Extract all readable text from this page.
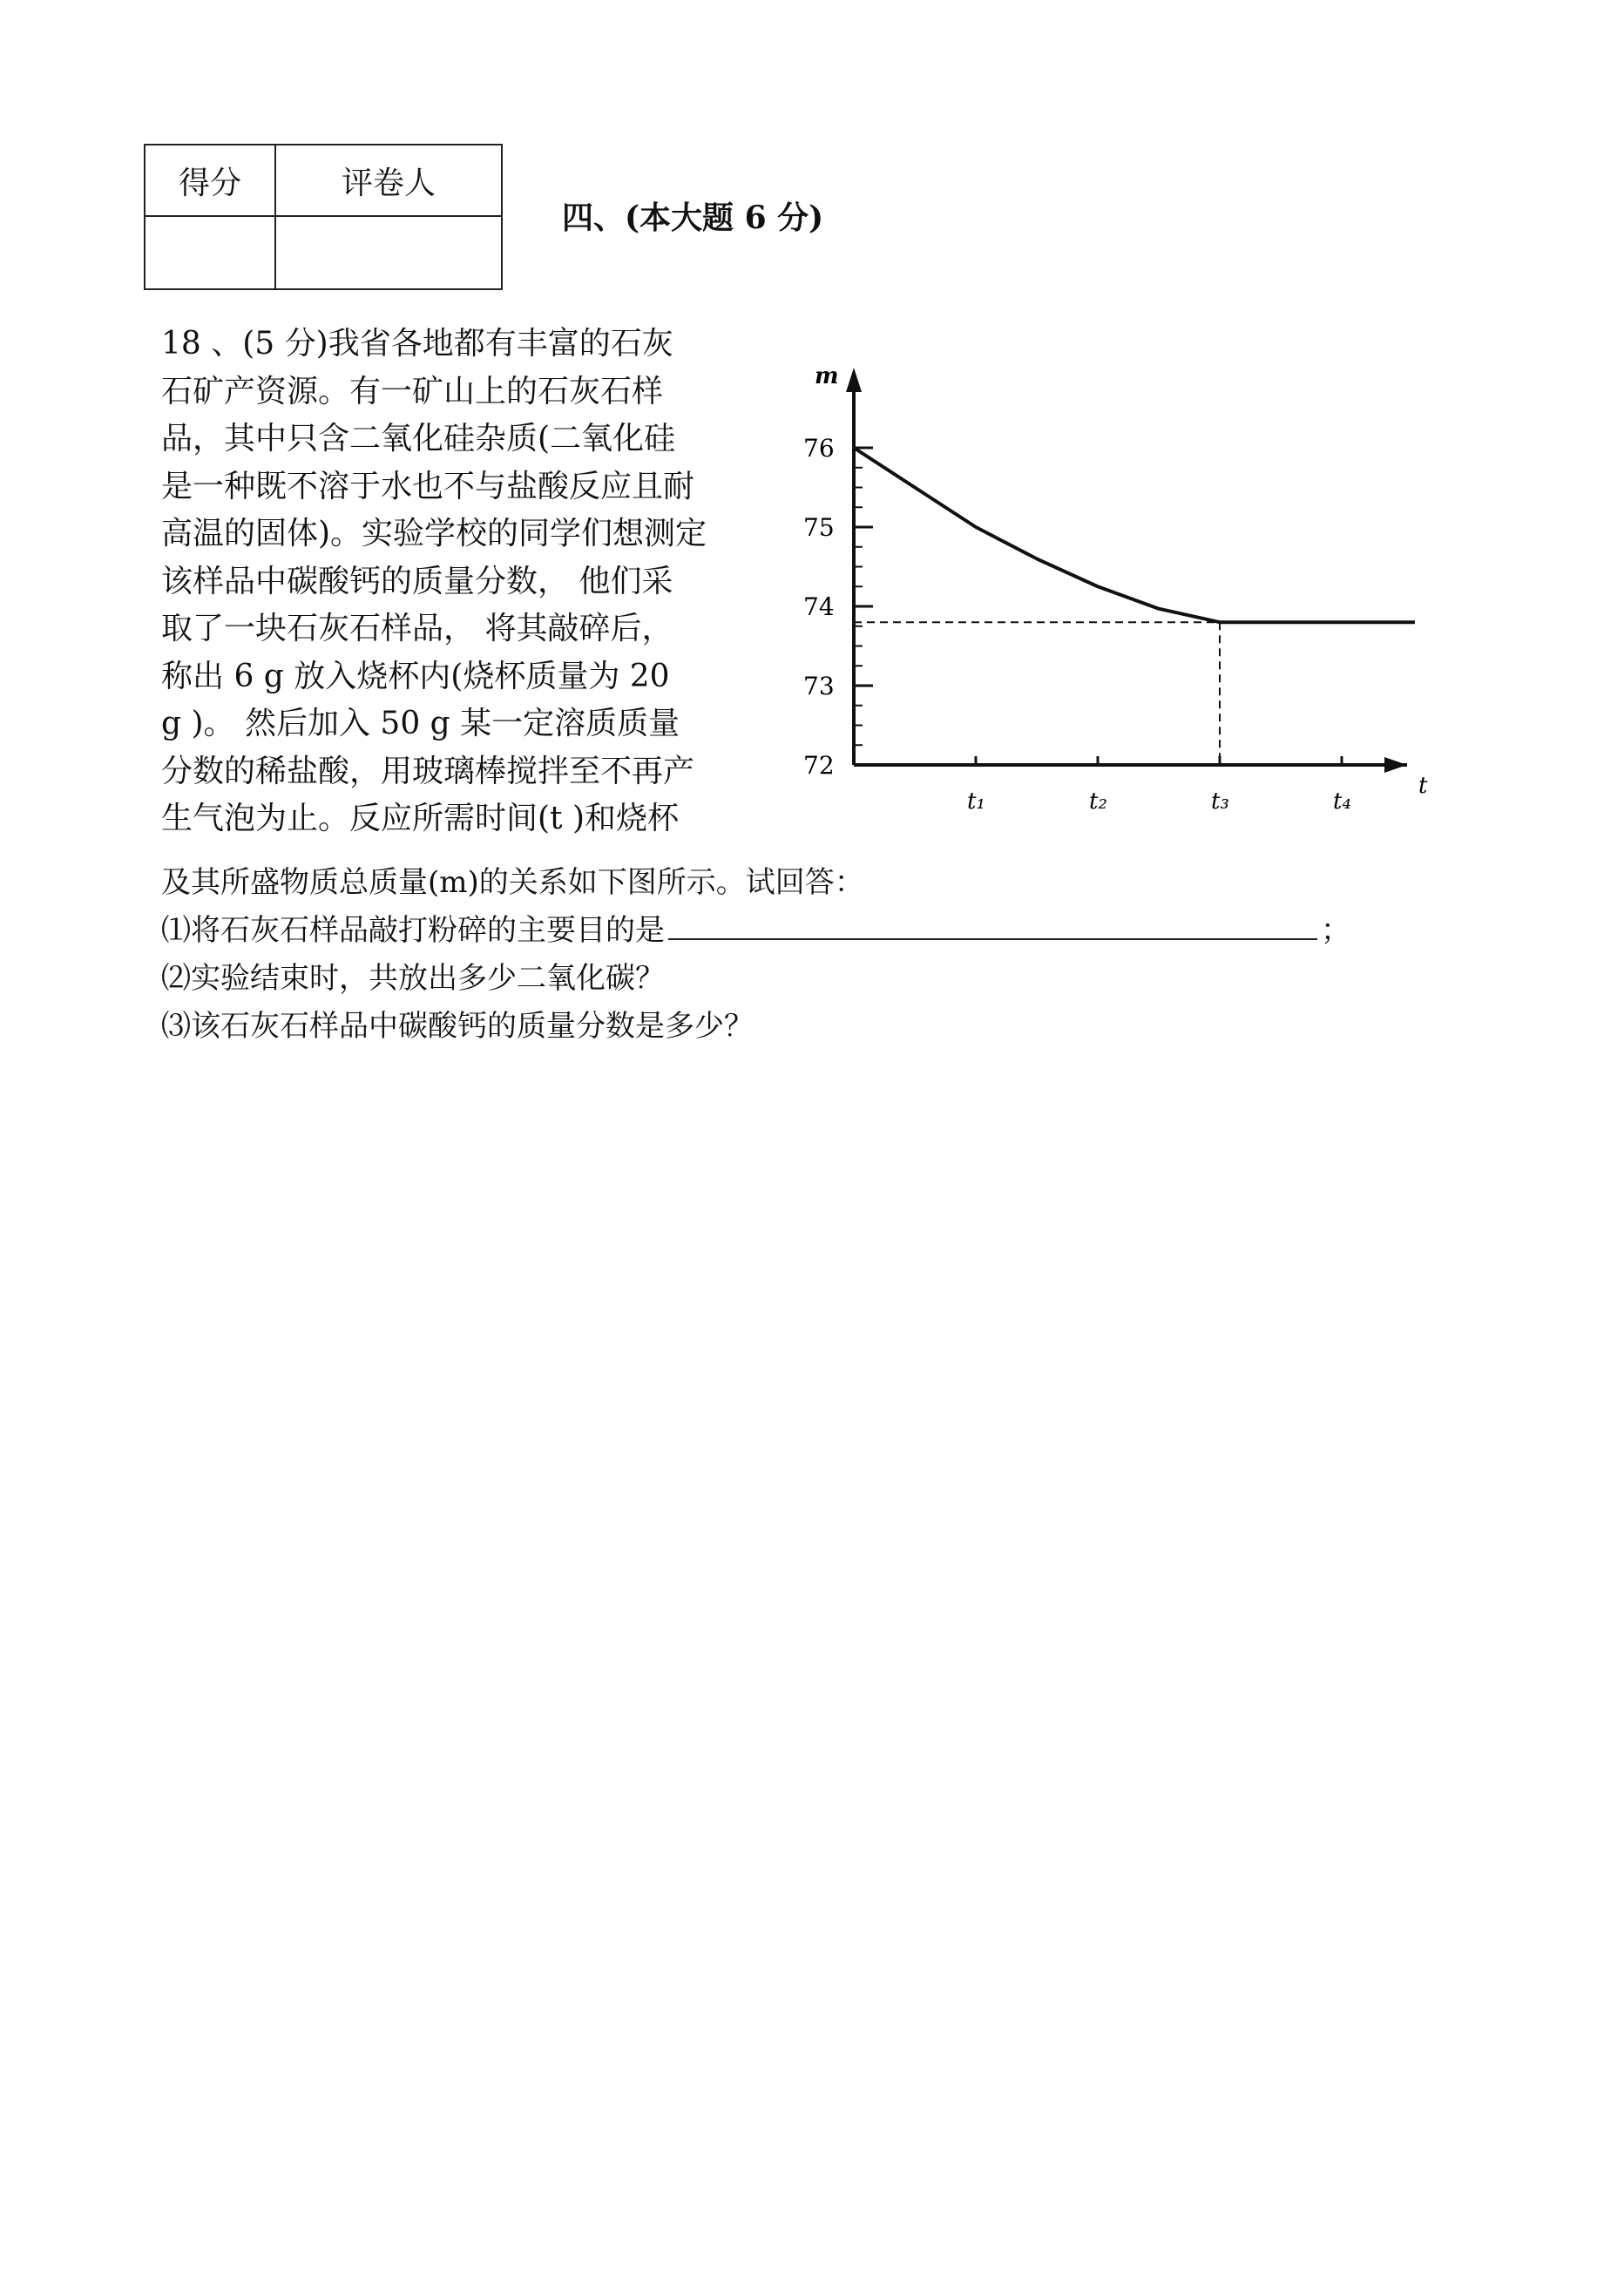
得分	评卷人

四、(本大题 6 分)
18 、(5 分)我省各地都有丰富的石灰
石矿产资源。有一矿山上的石灰石样
品，其中只含二氧化硅杂质(二氧化硅
是一种既不溶于水也不与盐酸反应且耐
高温的固体)。实验学校的同学们想测定
该样品中碳酸钙的质量分数， 他们采
取了一块石灰石样品， 将其敲碎后，
称出 6 g 放入烧杯内(烧杯质量为 20
g )。 然后加入 50 g 某一定溶质质量
分数的稀盐酸，用玻璃棒搅拌至不再产
生气泡为止。反应所需时间(t )和烧杯
及其所盛物质总质量(m)的关系如下图所示。试回答：
⑴将石灰石样品敲打粉碎的主要目的是	；
⑵实验结束时，共放出多少二氧化碳？
⑶该石灰石样品中碳酸钙的质量分数是多少？
m
t
72
73
74
75
76
t₁	t₂	t₃	t₄
